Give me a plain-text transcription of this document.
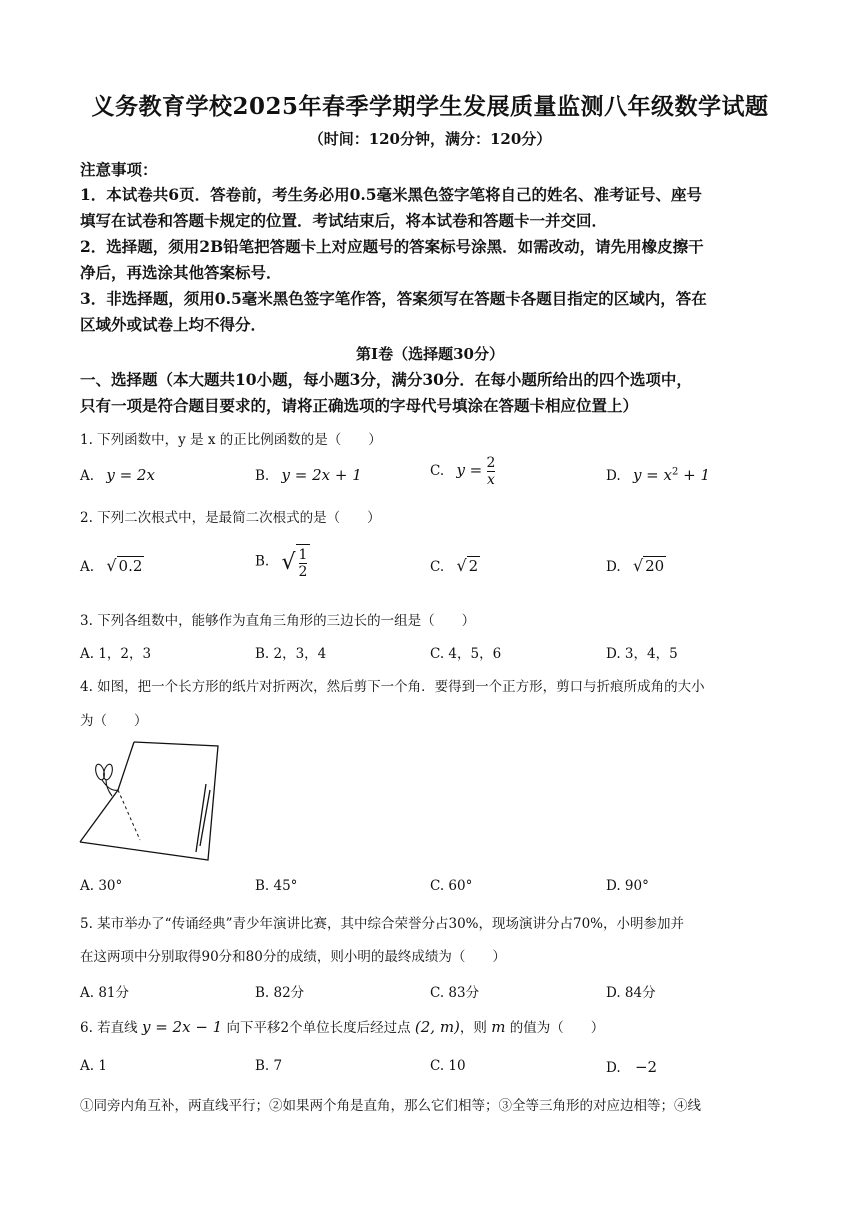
义务教育学校2025年春季学期学生发展质量监测八年级数学试题
（时间：120分钟，满分：120分）
注意事项：
1．本试卷共6页．答卷前，考生务必用0.5毫米黑色签字笔将自己的姓名、准考证号、座号
填写在试卷和答题卡规定的位置．考试结束后，将本试卷和答题卡一并交回．
2．选择题，须用2B铅笔把答题卡上对应题号的答案标号涂黑．如需改动，请先用橡皮擦干
净后，再选涂其他答案标号．
3．非选择题，须用0.5毫米黑色签字笔作答，答案须写在答题卡各题目指定的区域内，答在
区域外或试卷上均不得分．
第Ⅰ卷（选择题30分）
一、选择题（本大题共10小题，每小题3分，满分30分．在每小题所给出的四个选项中，
只有一项是符合题目要求的，请将正确选项的字母代号填涂在答题卡相应位置上）
1. 下列函数中，y 是 x 的正比例函数的是（　　）
A. y = 2x	B. y = 2x + 1	C. $y = \frac{2}{x}$	D. $y = x^2 + 1$
2. 下列二次根式中，是最简二次根式的是（　　）
A. √ 0.2	B. √ $\frac{1}{2}$	C. √ 2	D. √ 20
3. 下列各组数中，能够作为直角三角形的三边长的一组是（　　）
A. 1，2，3	B. 2，3，4	C. 4，5，6	D. 3，4，5
4. 如图，把一个长方形的纸片对折两次，然后剪下一个角．要得到一个正方形，剪口与折痕所成角的大小
为（　　）
A. 30°	B. 45°	C. 60°	D. 90°
5. 某市举办了“传诵经典”青少年演讲比赛，其中综合荣誉分占30%，现场演讲分占70%，小明参加并
在这两项中分别取得90分和80分的成绩，则小明的最终成绩为（　　）
A. 81分	B. 82分	C. 83分	D. 84分
6. 若直线 y = 2x − 1 向下平移2个单位长度后经过点 (2, m)，则 m 的值为（　　）
A. 1	B. 7	C. 10	D. −2
①同旁内角互补，两直线平行；②如果两个角是直角，那么它们相等；③全等三角形的对应边相等；④线
